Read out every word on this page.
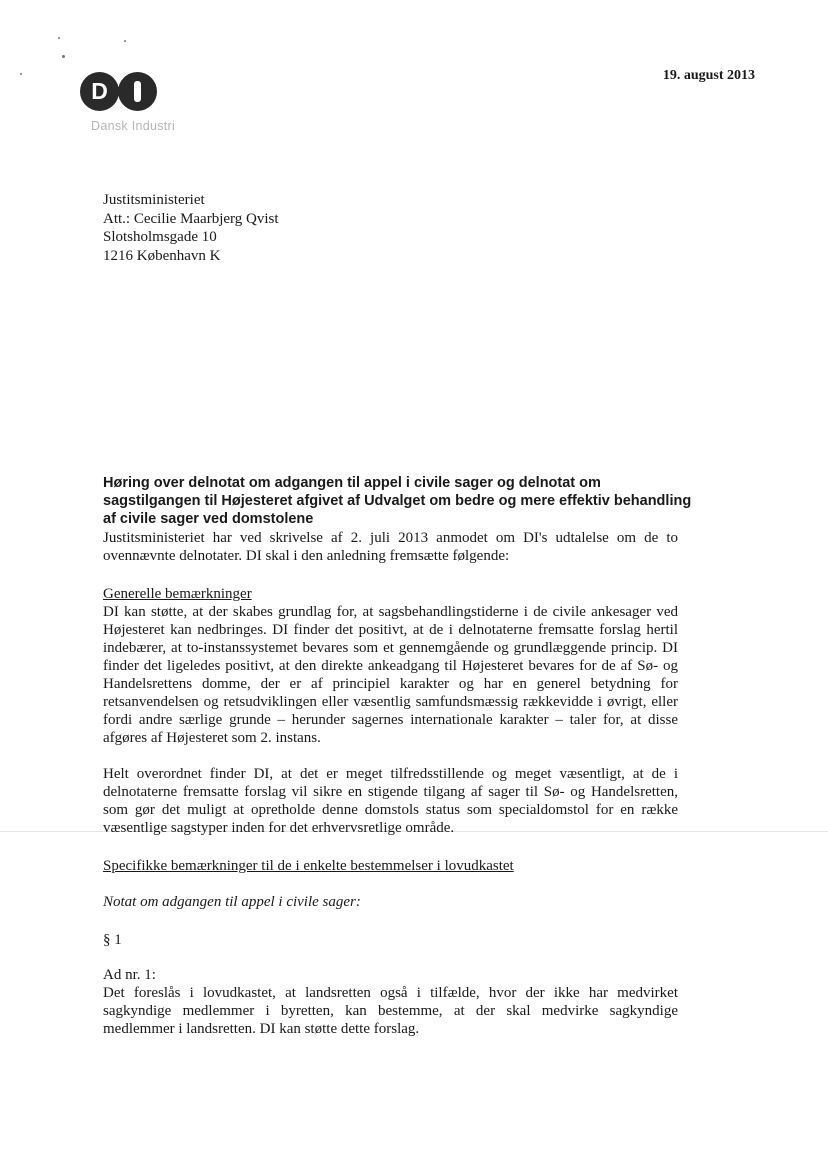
D
Dansk Industri
19. august 2013
Justitsministeriet
Att.: Cecilie Maarbjerg Qvist
Slotsholmsgade 10
1216 København K
Høring over delnotat om adgangen til appel i civile sager og delnotat om sagstilgangen til Højesteret afgivet af Udvalget om bedre og mere effektiv behandling af civile sager ved domstolene
Justitsministeriet har ved skrivelse af 2. juli 2013 anmodet om DI's udtalelse om de to ovennævnte delnotater. DI skal i den anledning fremsætte følgende:
Generelle bemærkninger
DI kan støtte, at der skabes grundlag for, at sagsbehandlingstiderne i de civile ankesager ved Højesteret kan nedbringes. DI finder det positivt, at de i delnotaterne fremsatte forslag hertil indebærer, at to-instanssystemet bevares som et gennemgående og grundlæggende princip. DI finder det ligeledes positivt, at den direkte ankeadgang til Højesteret bevares for de af Sø- og Handelsrettens domme, der er af principiel karakter og har en generel betydning for retsanvendelsen og retsudviklingen eller væsentlig samfundsmæssig rækkevidde i øvrigt, eller fordi andre særlige grunde – herunder sagernes internationale karakter – taler for, at disse afgøres af Højesteret som 2. instans.
Helt overordnet finder DI, at det er meget tilfredsstillende og meget væsentligt, at de i delnotaterne fremsatte forslag vil sikre en stigende tilgang af sager til Sø- og Handelsretten, som gør det muligt at opretholde denne domstols status som specialdomstol for en række væsentlige sagstyper inden for det erhvervsretlige område.
Specifikke bemærkninger til de i enkelte bestemmelser i lovudkastet
Notat om adgangen til appel i civile sager:
§ 1
Ad nr. 1:
Det foreslås i lovudkastet, at landsretten også i tilfælde, hvor der ikke har medvirket sagkyndige medlemmer i byretten, kan bestemme, at der skal medvirke sagkyndige medlemmer i landsretten. DI kan støtte dette forslag.
